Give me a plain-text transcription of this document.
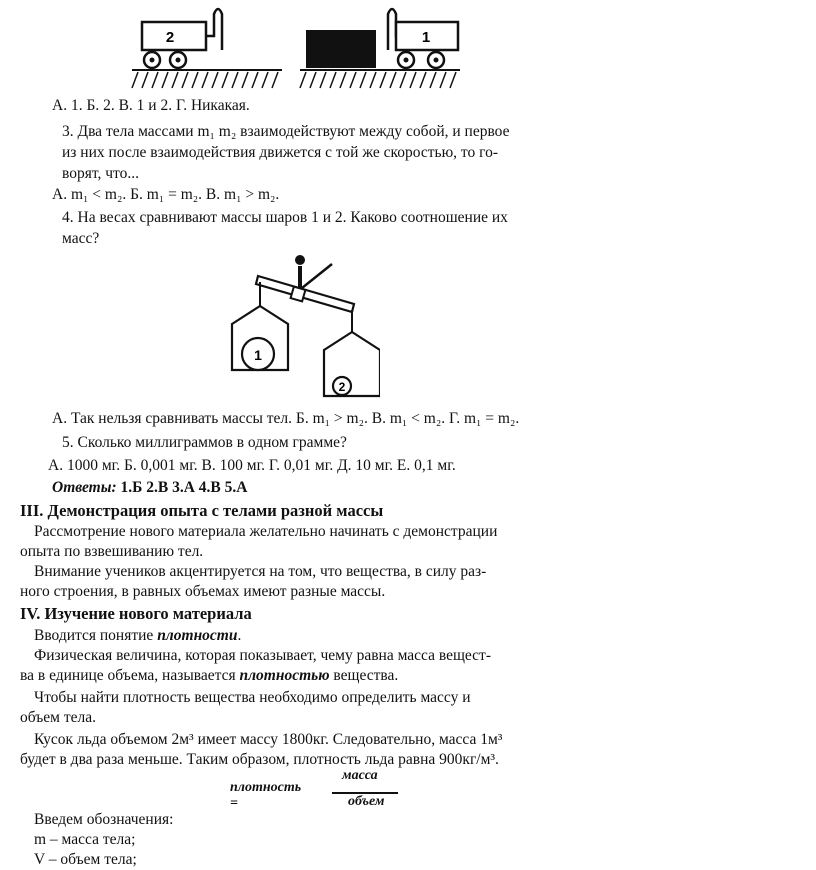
2	1
А. 1. Б. 2. В. 1 и 2. Г. Никакая.
3. Два тела массами m₁ m₂ взаимодействуют между собой, и первое
из них после взаимодействия движется с той же скоростью, то го-
ворят, что...
А. m₁ < m₂. Б. m₁ = m₂. В. m₁ > m₂.
4. На весах сравнивают массы шаров 1 и 2. Каково соотношение их
масс?
1
2
А. Так нельзя сравнивать массы тел. Б. m₁ > m₂. В. m₁ < m₂. Г. m₁ = m₂.
5. Сколько миллиграммов в одном грамме?
А. 1000 мг. Б. 0,001 мг. В. 100 мг. Г. 0,01 мг. Д. 10 мг. Е. 0,1 мг.
Ответы: 1.Б 2.В 3.А 4.В 5.А
III. Демонстрация опыта с телами разной массы
Рассмотрение нового материала желательно начинать с демонстрации
опыта по взвешиванию тел.
Внимание учеников акцентируется на том, что вещества, в силу раз-
ного строения, в равных объемах имеют разные массы.
IV. Изучение нового материала
Вводится понятие плотности.
Физическая величина, которая показывает, чему равна масса вещест-
ва в единице объема, называется плотностью вещества.
Чтобы найти плотность вещества необходимо определить массу и
объем тела.
Кусок льда объемом 2м³ имеет массу 1800кг. Следовательно, масса 1м³
будет в два раза меньше. Таким образом, плотность льда равна 900кг/м³.
плотность =
масса
объем
Введем обозначения:
m – масса тела;
V – объем тела;
